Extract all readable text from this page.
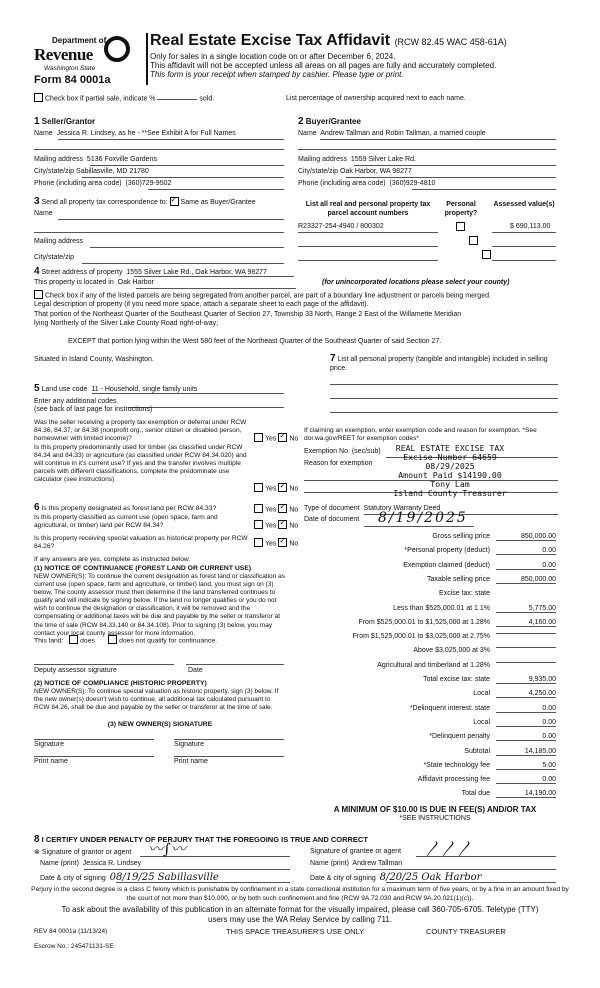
Department of
Revenue
Washington State
Form 84 0001a
Real Estate Excise Tax Affidavit (RCW 82.45 WAC 458-61A)
Only for sales in a single location code on or after December 6, 2024.
This affidavit will not be accepted unless all areas on all pages are fully and accurately completed.
This form is your receipt when stamped by cashier. Please type or print.
Check box if partial sale, indicate %	sold.	List percentage of ownership acquired next to each name.
1 Seller/Grantor
Name Jessica R. Lindsey, as he - **See Exhibit A for Full Names
Mailing address 5136 Foxville Gardens
City/state/zip Sabillasville, MD 21780
Phone (including area code) (360)729-9502
2 Buyer/Grantee
Name Andrew Tallman and Robin Tallman, a married couple
Mailing address 1559 Silver Lake Rd.
City/state/zip Oak Harbor, WA 98277
Phone (including area code) (360)929-4810
3 Send all property tax correspondence to: ✓ Same as Buyer/Grantee
Name
Mailing address
City/state/zip
List all real and personal property tax parcel account numbers
Personal property?
Assessed value(s)
R23327-254-4940 / 800302
	$ 690,113.00
4 Street address of property 1555 Silver Lake Rd., Oak Harbor, WA 98277
This property is located in Oak Harbor	(for unincorporated locations please select your county)
Check box if any of the listed parcels are being segregated from another parcel, are part of a boundary line adjustment or parcels being merged.
Legal description of property (if you need more space, attach a separate sheet to each page of the affidavit).
That portion of the Northeast Quarter of the Southeast Quarter of Section 27, Township 33 North, Range 2 East of the Willamette Meridian
lying Northerly of the Silver Lake County Road right-of-way;
EXCEPT that portion lying within the West 580 feet of the Northeast Quarter of the Southeast Quarter of said Section 27.
Situated in Island County, Washington.
5 Land use code 11 - Household, single family units
Enter any additional codes
(see back of last page for instructions)
Was the seller receiving a property tax exemption or deferral under RCW 84.36, 84.37, or 84.38 (nonprofit org., senior citizen or disabled person, homeowner with limited income)?	Yes ✓ No
Is this property predominantly used for timber (as classified under RCW 84.34 and 84.33) or agriculture (as classified under RCW 84.34.020) and will continue in it's current use? If yes and the transfer involves multiple parcels with different classifications, complete the predominate use calculator (see instructions)
Yes ✓ No
6 Is this property designated as forest land per RCW 84.33?	Yes ✓ No
Is this property classified as current use (open space, farm and agricultural, or timber) land per RCW 84.34?	Yes ✓ No
Is this property receiving special valuation as historical property per RCW 84.26?	Yes ✓ No
If any answers are yes, complete as instructed below.
(1) NOTICE OF CONTINUANCE (FOREST LAND OR CURRENT USE)
NEW OWNER(S): To continue the current designation as forest land or classification as current use (open space, farm and agriculture, or timber) land, you must sign on (3) below. The county assessor must then determine if the land transferred continues to qualify and will indicate by signing below. If the land no longer qualifies or you do not wish to continue the designation or classification, it will be removed and the compensating or additional taxes will be due and payable by the seller or transferor at the time of sale (RCW 84.33.140 or 84.34.108). Prior to signing (3) below, you may contact your local county assessor for more information.
This land: does	does not qualify for continuance.
Deputy assessor signature	Date
(2) NOTICE OF COMPLIANCE (HISTORIC PROPERTY)
NEW OWNER(S): To continue special valuation as historic property, sign (3) below. If the new owner(s) doesn't wish to continue, all additional tax calculated pursuant to RCW 84.26, shall be due and payable by the seller or transferor at the time of sale.
(3) NEW OWNER(S) SIGNATURE
Signature	Signature
Print name	Print name
7 List all personal property (tangible and intangible) included in selling price.
If claiming an exemption, enter exemption code and reason for exemption. *See dor.wa.gov/REET for exemption codes*
Exemption No. (sec/sub)
Reason for exemption
REAL ESTATE EXCISE TAX
Excise Number 64659
08/29/2025
Amount Paid $14190.00
Tony Lam
Island County Treasurer
Type of document Statutory Warranty Deed
Date of document 8/19/2025
Gross selling price	850,000.00
*Personal property (deduct)	0.00
Exemption claimed (deduct)	0.00
Taxable selling price	850,000.00
Excise tax: state
Less than $525,000.01 at 1.1%	5,775.00
From $525,000.01 to $1,525,000 at 1.28%	4,160.00
From $1,525,000.01 to $3,025,000 at 2.75%
Above $3,025,000 at 3%
Agricultural and timberland at 1.28%
Total excise tax: state	9,935.00
Local	4,250.00
*Delinquent interest: state	0.00
Local	0.00
*Delinquent penalty	0.00
Subtotal	14,185.00
*State technology fee	5.00
Affidavit processing fee	0.00
Total due	14,190.00
A MINIMUM OF $10.00 IS DUE IN FEE(S) AND/OR TAX
*SEE INSTRUCTIONS
8 I CERTIFY UNDER PENALTY OF PERJURY THAT THE FOREGOING IS TRUE AND CORRECT
⊗ Signature of grantor or agent 〰∫〰
Name (print) Jessica R. Lindsey
Date & city of signing 08/19/25 Sabillasville
Signature of grantee or agent 〳〳〳
Name (print) Andrew Tallman
Date & city of signing 8/20/25 Oak Harbor
Perjury in the second degree is a class C felony which is punishable by confinement in a state correctional institution for a maximum term of five years, or by a fine in an amount fixed by the court of not more than $10,000, or by both such confinement and fine (RCW 9A.72.030 and RCW 9A.20.021(1)(c)).
To ask about the availability of this publication in an alternate format for the visually impaired, please call 360-705-6705. Teletype (TTY) users may use the WA Relay Service by calling 711.
REV 84 0001a (11/13/24)	THIS SPACE TREASURER'S USE ONLY	COUNTY TREASURER
Escrow No.: 245471131-SE
